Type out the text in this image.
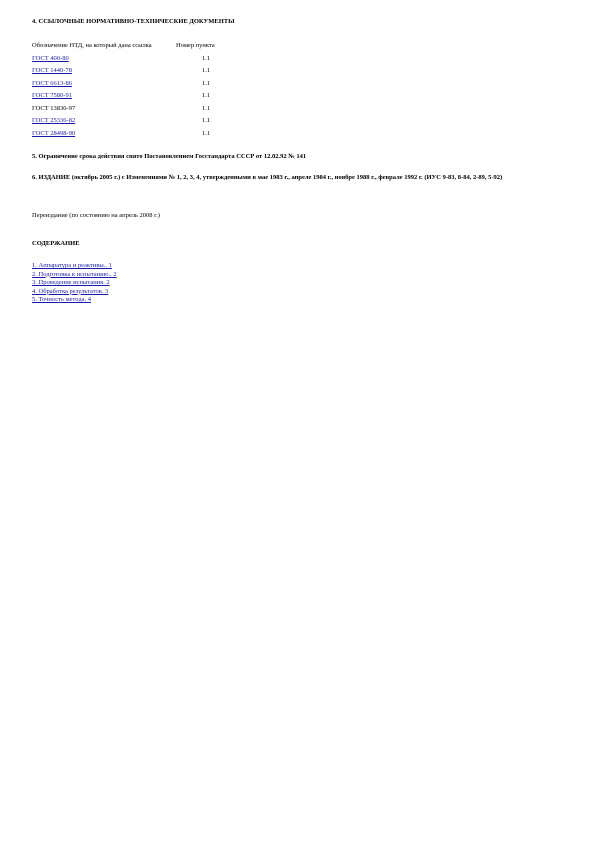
4. ССЫЛОЧНЫЕ НОРМАТИВНО-ТЕХНИЧЕСКИЕ ДОКУМЕНТЫ
Обозначение НТД, на который дана ссылка	Номер пункта
ГОСТ 400-80	1.1
ГОСТ 1440-78	1.1
ГОСТ 6613-86	1.1
ГОСТ 7580-91	1.1
ГОСТ 13830-97	1.1
ГОСТ 25336-82	1.1
ГОСТ 28498-90	1.1
5. Ограничение срока действия снято Постановлением Госстандарта СССР от 12.02.92 № 141
6. ИЗДАНИЕ (октябрь 2005 г.) с Изменениями № 1, 2, 3, 4, утвержденными в мае 1983 г., апреле 1984 г., ноябре 1988 г., феврале 1992 г. (ИУС 9-83, 8-84, 2-89, 5-92)
Переиздание (по состоянию на апрель 2008 г.)
СОДЕРЖАНИЕ
1. Аппаратура и реактивы.. 1
2. Подготовка к испытанию.. 2
3. Проведение испытания. 2
4. Обработка результатов. 3
5. Точность метода. 4
